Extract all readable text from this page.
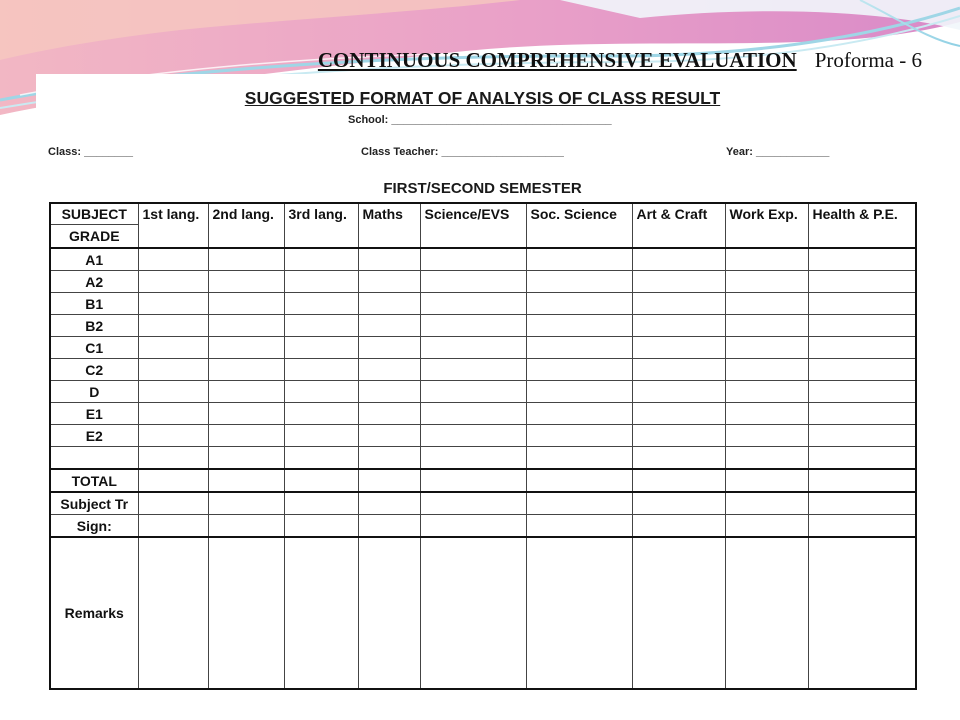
CONTINUOUS COMPREHENSIVE EVALUATION Proforma - 6
SUGGESTED FORMAT OF ANALYSIS OF CLASS RESULT
School: ____________________________________
Class: ________	Class Teacher: ____________________	Year: ____________
FIRST/SECOND SEMESTER
SUBJECT	1st lang.	2nd lang.	3rd lang.	Maths	Science/EVS	Soc. Science	Art & Craft	Work Exp.	Health & P.E.
GRADE									
A1									
A2									
B1									
B2									
C1									
C2									
D									
E1									
E2									

TOTAL									
Subject Tr									
Sign:									
Remarks									
